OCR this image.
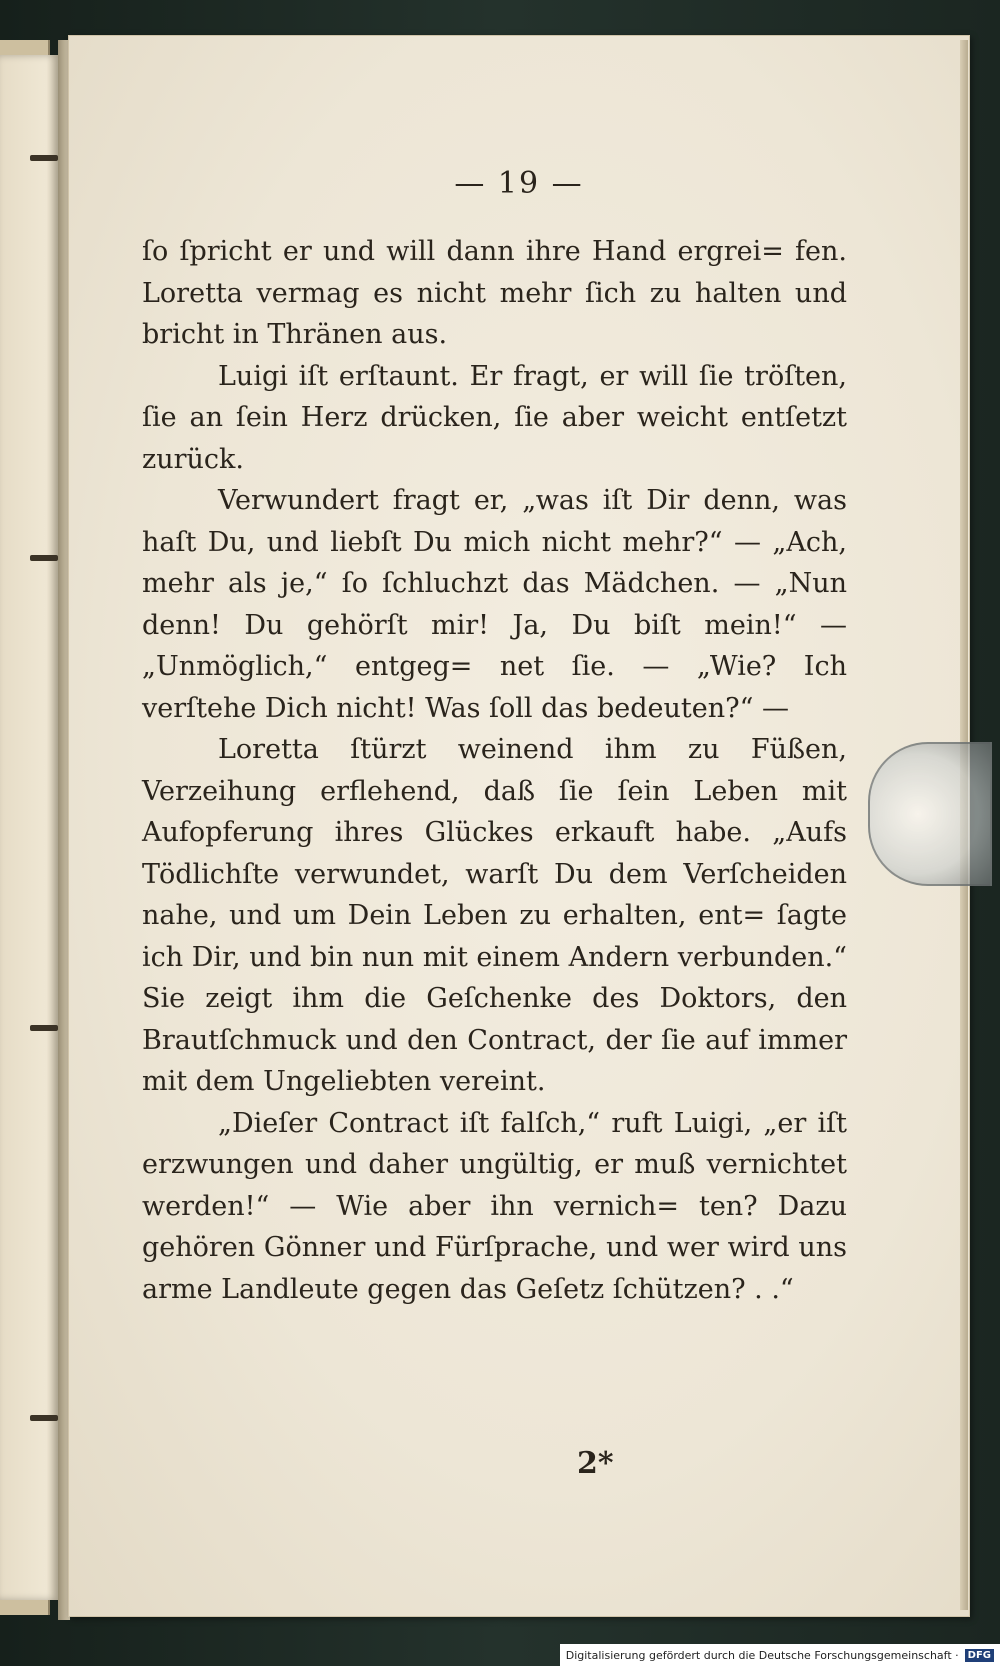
— 19 —

ſo ſpricht er und will dann ihre Hand ergrei= fen. Loretta vermag es nicht mehr ſich zu halten und bricht in Thränen aus.

Luigi iſt erſtaunt. Er fragt, er will ſie tröſten, ſie an ſein Herz drücken, ſie aber weicht entſetzt zurück.

Verwundert fragt er, „was iſt Dir denn, was haſt Du, und liebſt Du mich nicht mehr?“ — „Ach, mehr als je,“ ſo ſchluchzt das Mädchen. — „Nun denn! Du gehörſt mir! Ja, Du biſt mein!“ — „Unmöglich,“ entgeg= net ſie. — „Wie? Ich verſtehe Dich nicht! Was ſoll das bedeuten?“ —

Loretta ſtürzt weinend ihm zu Füßen, Verzeihung erflehend, daß ſie ſein Leben mit Aufopferung ihres Glückes erkauft habe. „Aufs Tödlichſte verwundet, warſt Du dem Verſcheiden nahe, und um Dein Leben zu erhalten, ent= ſagte ich Dir, und bin nun mit einem Andern verbunden.“ Sie zeigt ihm die Geſchenke des Doktors, den Brautſchmuck und den Contract, der ſie auf immer mit dem Ungeliebten vereint.

„Dieſer Contract iſt falſch,“ ruft Luigi, „er iſt erzwungen und daher ungültig, er muß vernichtet werden!“ — Wie aber ihn vernich= ten? Dazu gehören Gönner und Fürſprache, und wer wird uns arme Landleute gegen das Geſetz ſchützen? . .“

2*
Digitalisierung gefördert durch die Deutsche Forschungsgemeinschaft · DFG
